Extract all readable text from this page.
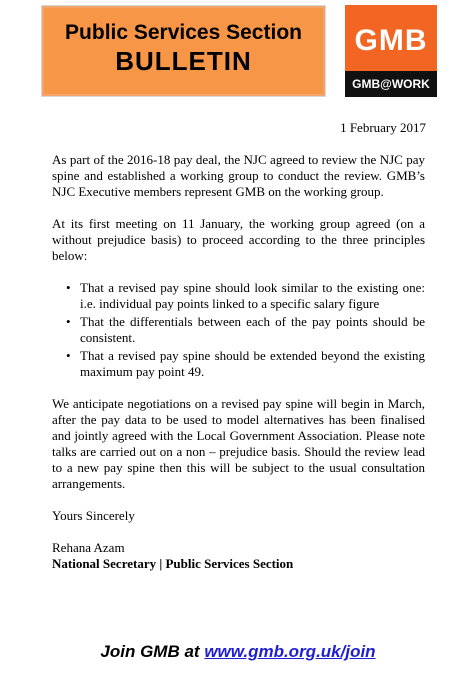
Public Services Section
BULLETIN
GMB
GMB@WORK
1 February 2017

As part of the 2016-18 pay deal, the NJC agreed to review the NJC pay spine and established a working group to conduct the review. GMB’s NJC Executive members represent GMB on the working group.

At its first meeting on 11 January, the working group agreed (on a without prejudice basis) to proceed according to the three principles below:

• That a revised pay spine should look similar to the existing one: i.e. individual pay points linked to a specific salary figure
• That the differentials between each of the pay points should be consistent.
• That a revised pay spine should be extended beyond the existing maximum pay point 49.

We anticipate negotiations on a revised pay spine will begin in March, after the pay data to be used to model alternatives has been finalised and jointly agreed with the Local Government Association. Please note talks are carried out on a non – prejudice basis. Should the review lead to a new pay spine then this will be subject to the usual consultation arrangements.

Yours Sincerely

Rehana Azam

National Secretary | Public Services Section

Join GMB at www.gmb.org.uk/join
